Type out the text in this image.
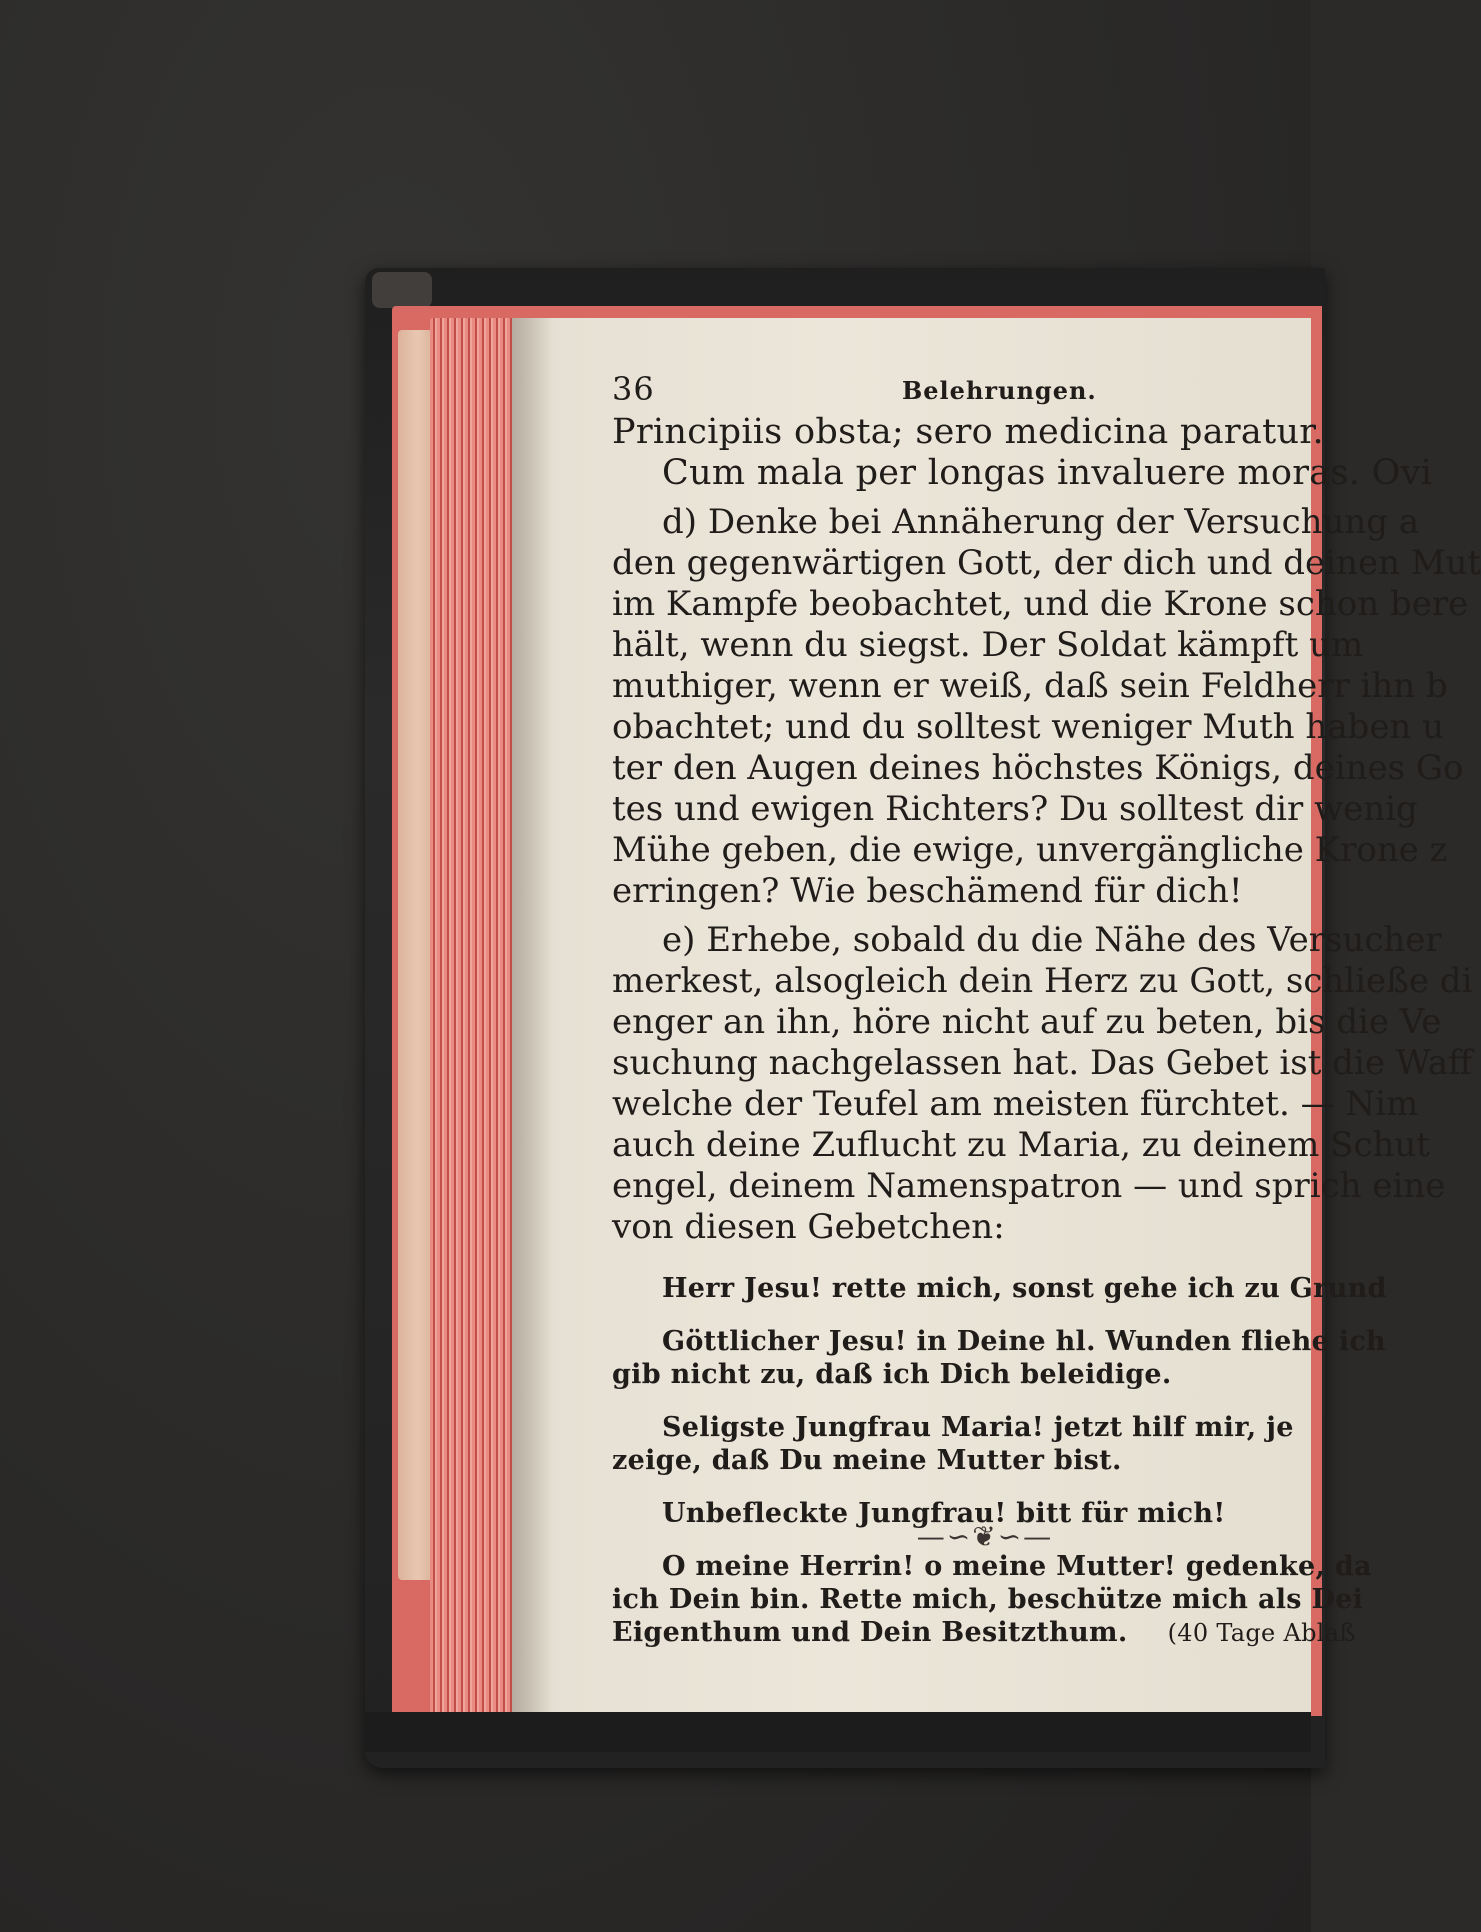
36	Belehrungen.

Principiis obsta; sero medicina paratur.

Cum mala per longas invaluere moras. Ovi

d) Denke bei Annäherung der Versuchung a

den gegenwärtigen Gott, der dich und deinen Mut

im Kampfe beobachtet, und die Krone schon bere

hält, wenn du siegst. Der Soldat kämpft um

muthiger, wenn er weiß, daß sein Feldherr ihn b

obachtet; und du solltest weniger Muth haben u

ter den Augen deines höchstes Königs, deines Go

tes und ewigen Richters? Du solltest dir wenig

Mühe geben, die ewige, unvergängliche Krone z

erringen? Wie beschämend für dich!

e) Erhebe, sobald du die Nähe des Versucher

merkest, alsogleich dein Herz zu Gott, schließe di

enger an ihn, höre nicht auf zu beten, bis die Ve

suchung nachgelassen hat. Das Gebet ist die Waff

welche der Teufel am meisten fürchtet. — Nim

auch deine Zuflucht zu Maria, zu deinem Schut

engel, deinem Namenspatron — und sprich eine

von diesen Gebetchen:

Herr Jesu! rette mich, sonst gehe ich zu Grund
Göttlicher Jesu! in Deine hl. Wunden fliehe ich
gib nicht zu, daß ich Dich beleidige.
Seligste Jungfrau Maria! jetzt hilf mir, je
zeige, daß Du meine Mutter bist.
Unbefleckte Jungfrau! bitt für mich!
O meine Herrin! o meine Mutter! gedenke, da
ich Dein bin. Rette mich, beschütze mich als Dei
Eigenthum und Dein Besitzthum. (40 Tage Ablaß
—∽❦∽—
